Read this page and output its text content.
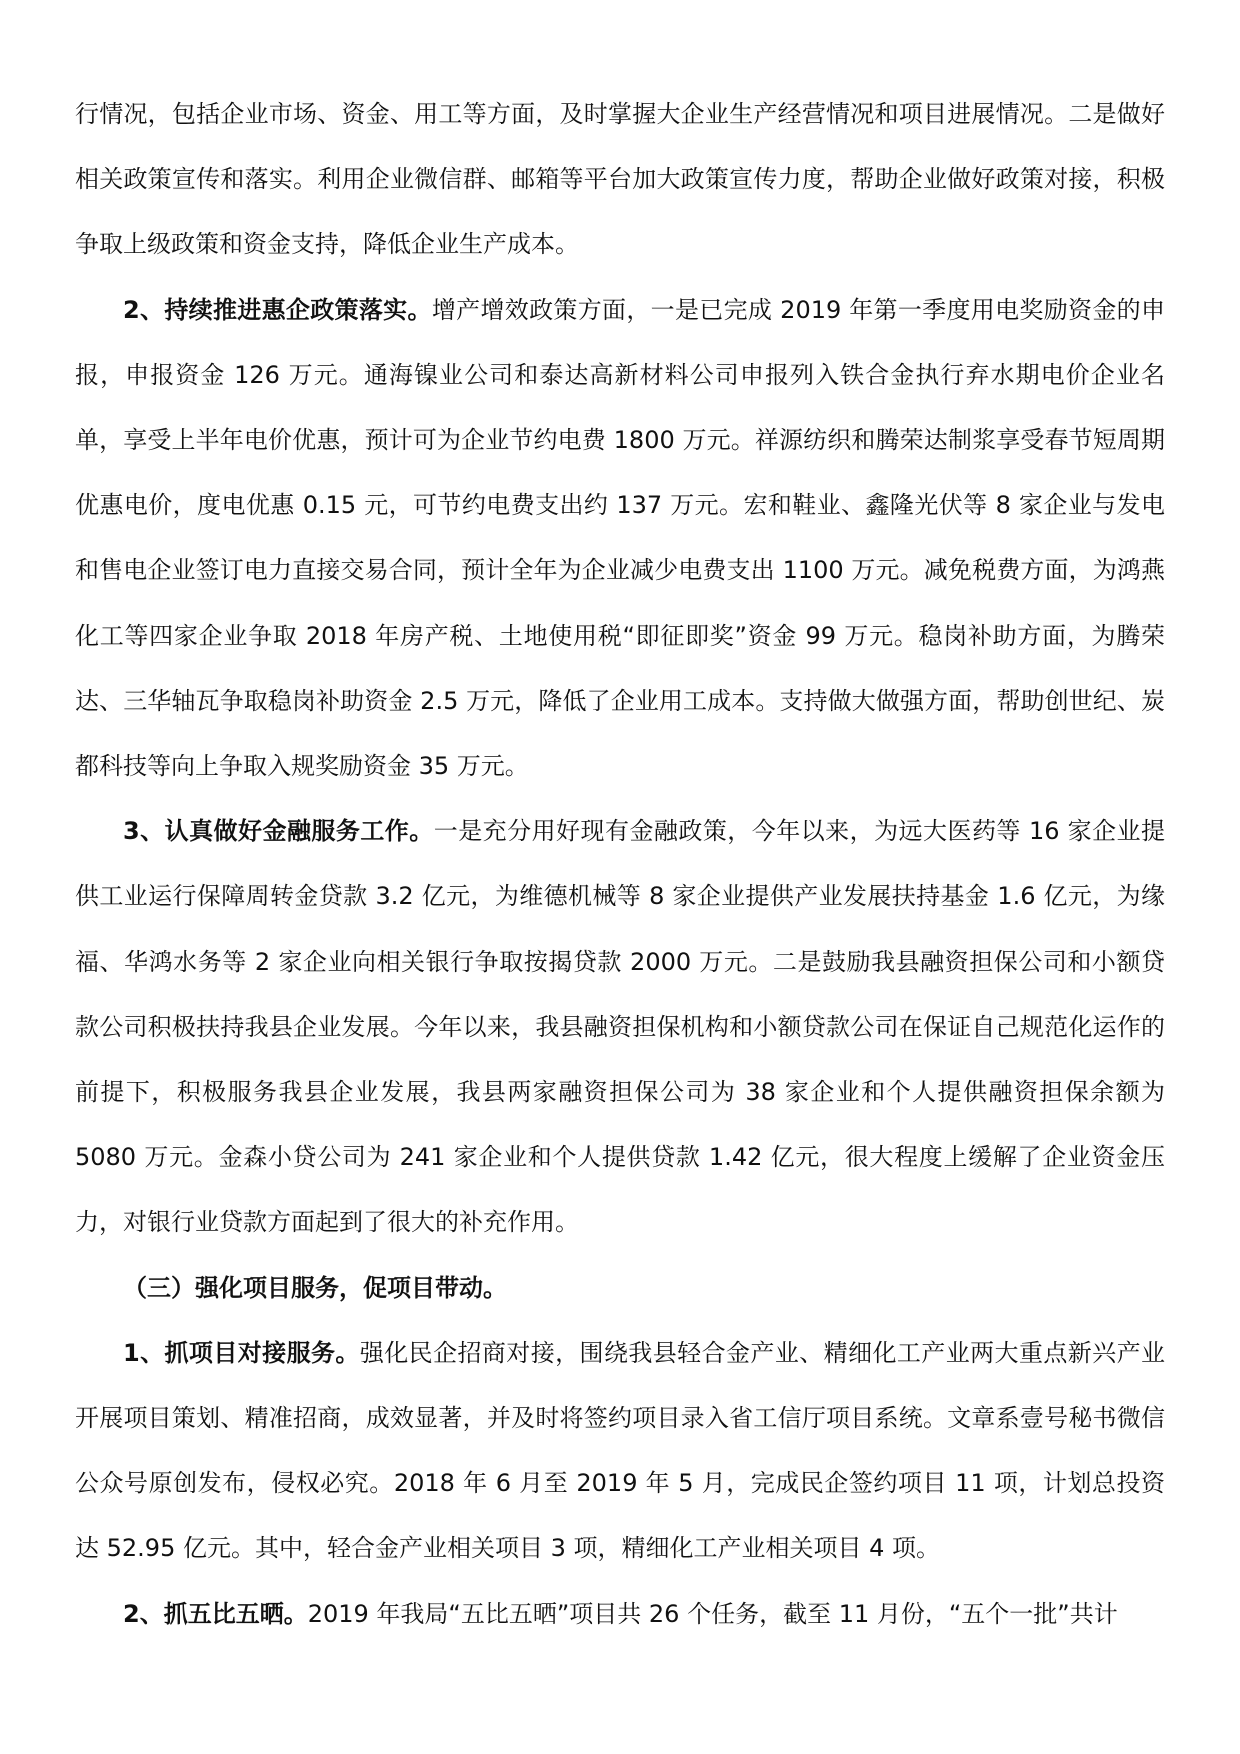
行情况，包括企业市场、资金、用工等方面，及时掌握大企业生产经营情况和项目进展情况。二是做好相关政策宣传和落实。利用企业微信群、邮箱等平台加大政策宣传力度，帮助企业做好政策对接，积极争取上级政策和资金支持，降低企业生产成本。

2、持续推进惠企政策落实。增产增效政策方面，一是已完成 2019 年第一季度用电奖励资金的申报，申报资金 126 万元。通海镍业公司和泰达高新材料公司申报列入铁合金执行弃水期电价企业名单，享受上半年电价优惠，预计可为企业节约电费 1800 万元。祥源纺织和腾荣达制浆享受春节短周期优惠电价，度电优惠 0.15 元，可节约电费支出约 137 万元。宏和鞋业、鑫隆光伏等 8 家企业与发电和售电企业签订电力直接交易合同，预计全年为企业减少电费支出 1100 万元。减免税费方面，为鸿燕化工等四家企业争取 2018 年房产税、土地使用税“即征即奖”资金 99 万元。稳岗补助方面，为腾荣达、三华轴瓦争取稳岗补助资金 2.5 万元，降低了企业用工成本。支持做大做强方面，帮助创世纪、炭都科技等向上争取入规奖励资金 35 万元。

3、认真做好金融服务工作。一是充分用好现有金融政策，今年以来，为远大医药等 16 家企业提供工业运行保障周转金贷款 3.2 亿元，为维德机械等 8 家企业提供产业发展扶持基金 1.6 亿元，为缘福、华鸿水务等 2 家企业向相关银行争取按揭贷款 2000 万元。二是鼓励我县融资担保公司和小额贷款公司积极扶持我县企业发展。今年以来，我县融资担保机构和小额贷款公司在保证自己规范化运作的前提下，积极服务我县企业发展，我县两家融资担保公司为 38 家企业和个人提供融资担保余额为 5080 万元。金森小贷公司为 241 家企业和个人提供贷款 1.42 亿元，很大程度上缓解了企业资金压力，对银行业贷款方面起到了很大的补充作用。

（三）强化项目服务，促项目带动。

1、抓项目对接服务。强化民企招商对接，围绕我县轻合金产业、精细化工产业两大重点新兴产业开展项目策划、精准招商，成效显著，并及时将签约项目录入省工信厅项目系统。文章系壹号秘书微信公众号原创发布，侵权必究。2018 年 6 月至 2019 年 5 月，完成民企签约项目 11 项，计划总投资达 52.95 亿元。其中，轻合金产业相关项目 3 项，精细化工产业相关项目 4 项。

2、抓五比五晒。2019 年我局“五比五晒”项目共 26 个任务，截至 11 月份，“五个一批”共计
